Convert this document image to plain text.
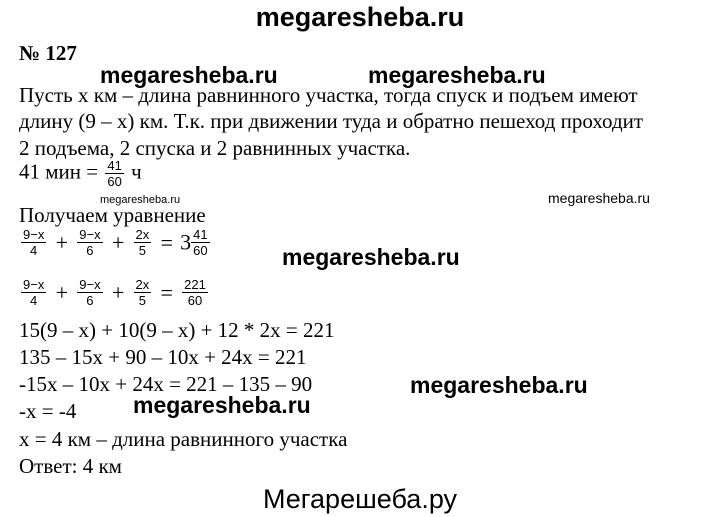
megaresheba.ru
№ 127
megaresheba.ru	megaresheba.ru
Пусть х км – длина равнинного участка, тогда спуск и подъем имеют
длину (9 – х) км. Т.к. при движении туда и обратно пешеход проходит
2 подъема, 2 спуска и 2 равнинных участка.
41 мин = $\frac{41}{60}$ ч
megaresheba.ru	megaresheba.ru
Получаем уравнение
$\frac{9-x}{4} + \frac{9-x}{6} + \frac{2x}{5} = 3 \frac{41}{60}$	megaresheba.ru
$\frac{9-x}{4} + \frac{9-x}{6} + \frac{2x}{5} = \frac{221}{60}$
15(9 – х) + 10(9 – х) + 12 * 2х = 221
135 – 15х + 90 – 10х + 24х = 221
-15х – 10х + 24х = 221 – 135 – 90	megaresheba.ru
megaresheba.ru
-х = -4
х = 4 км – длина равнинного участка
Ответ: 4 км
Мегарешеба.ру
